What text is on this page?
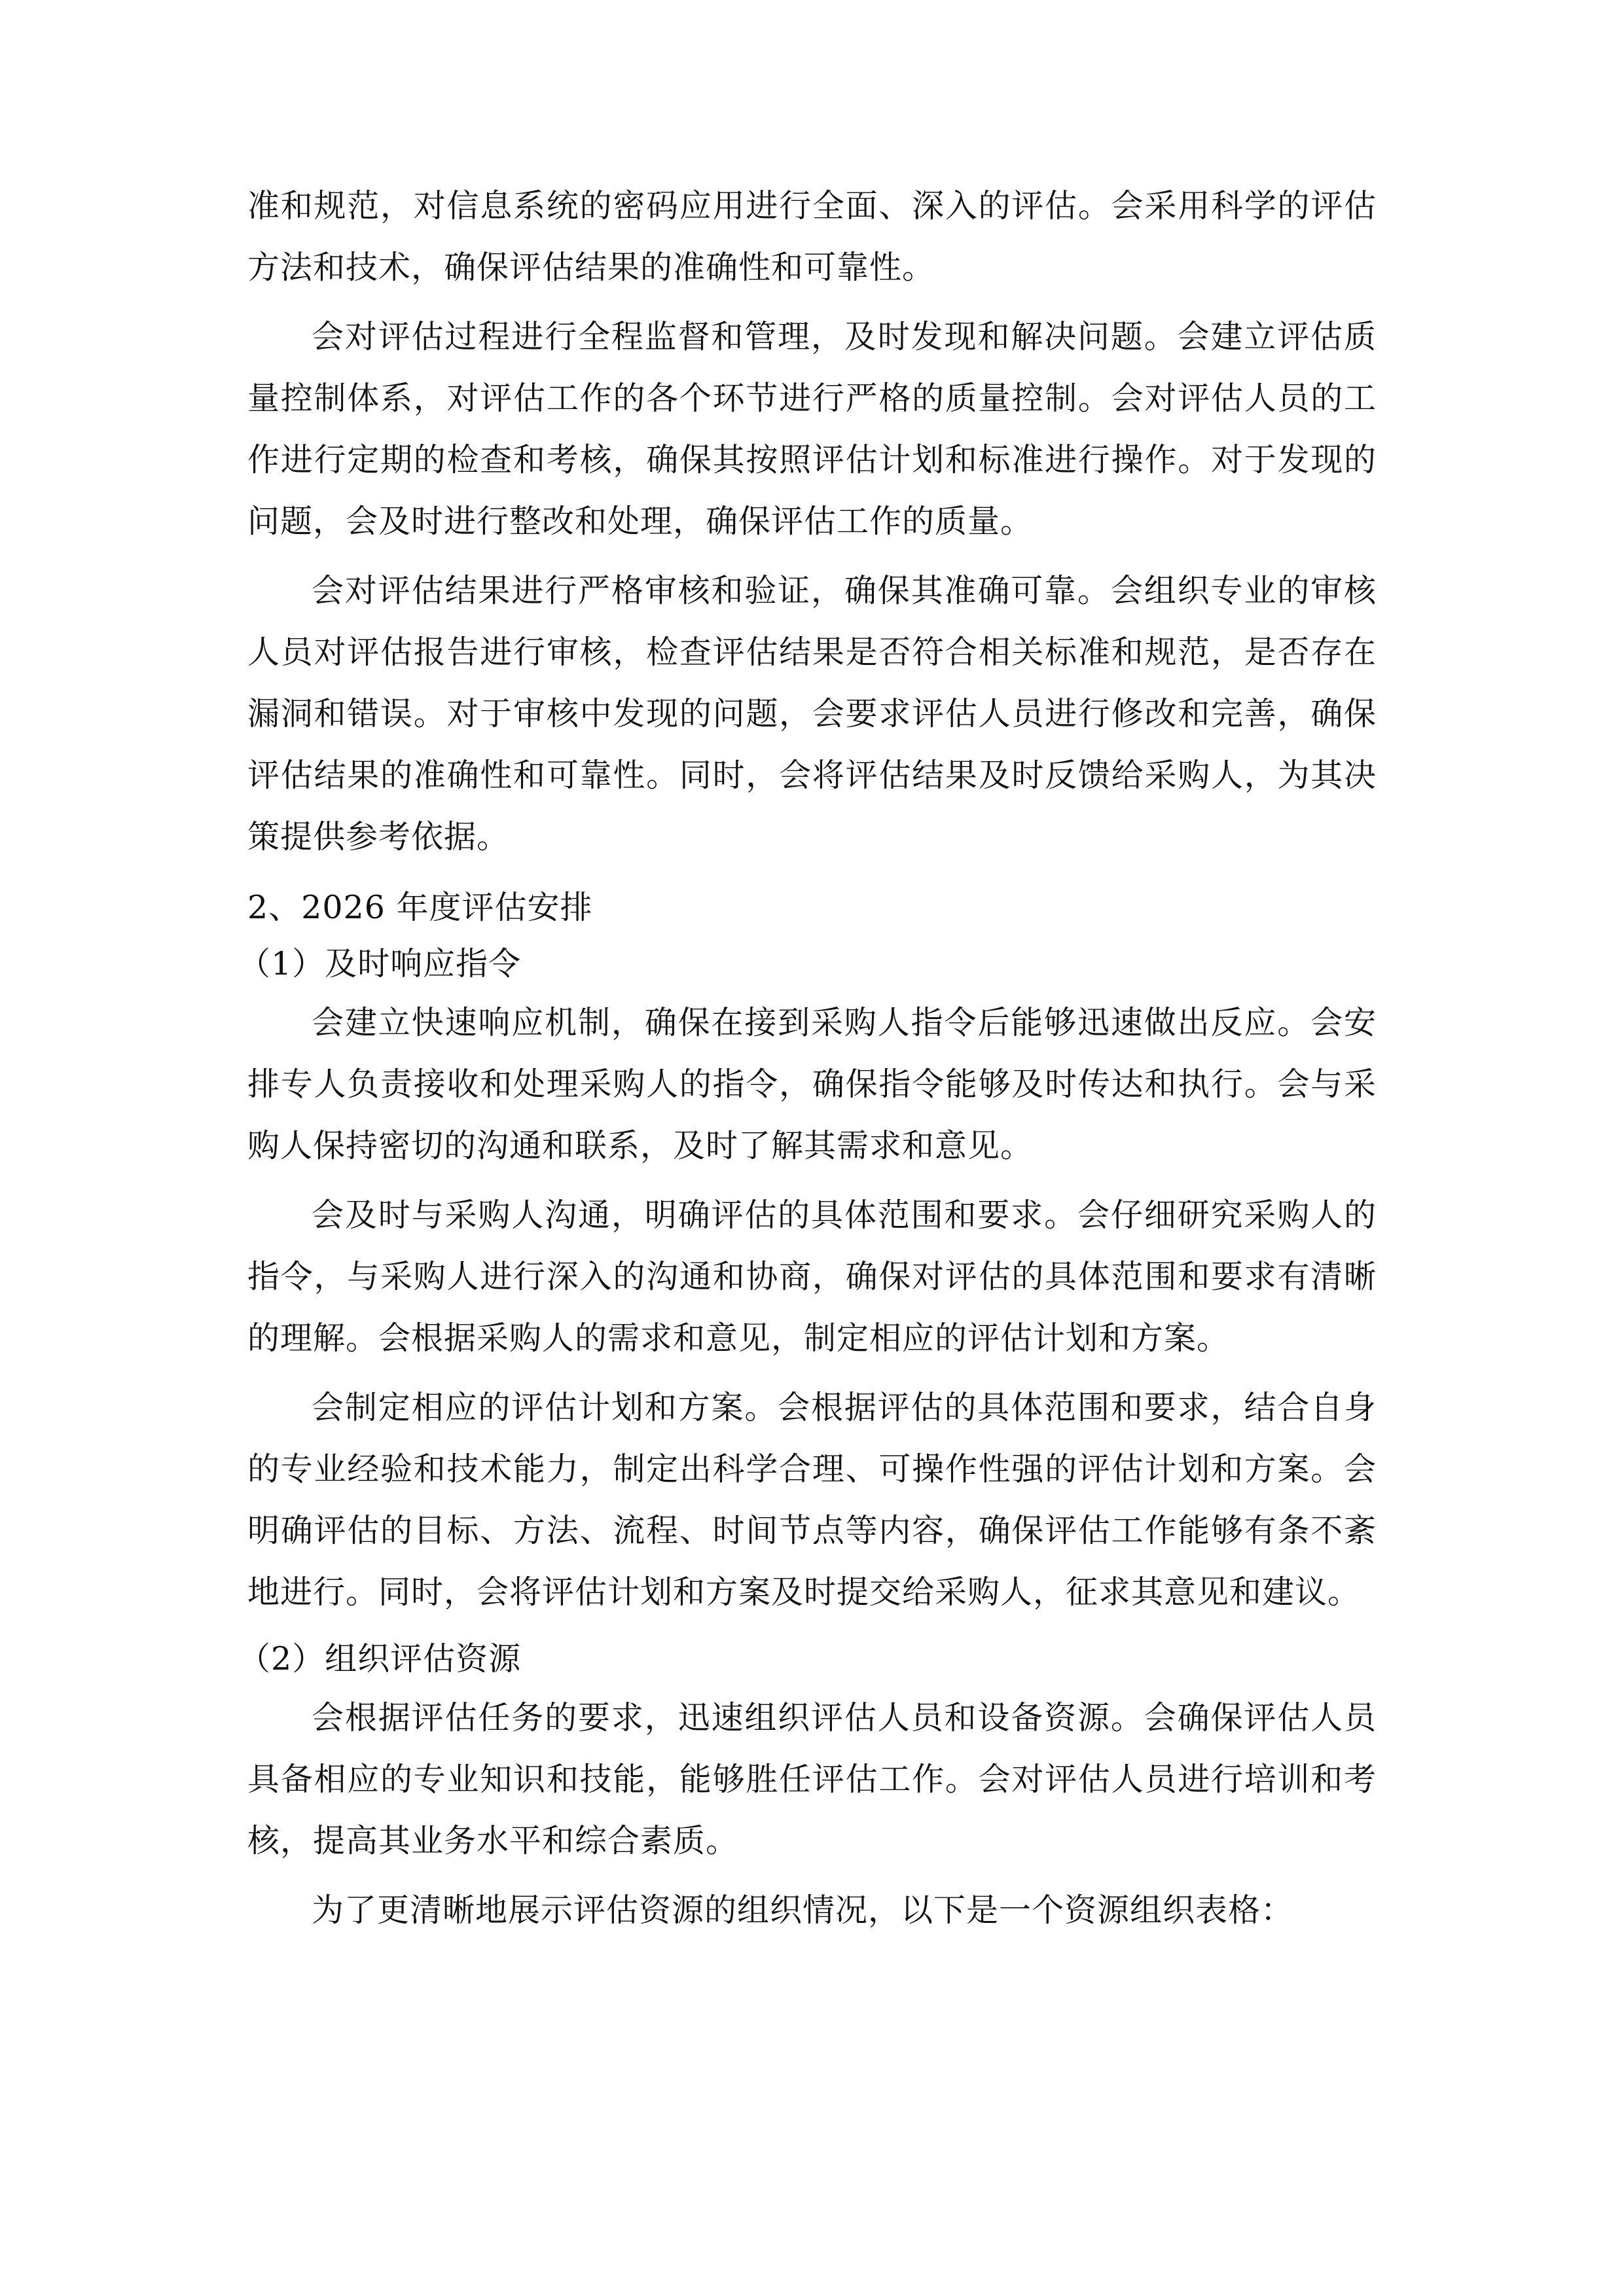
准和规范，对信息系统的密码应用进行全面、深入的评估。会采用科学的评估方法和技术，确保评估结果的准确性和可靠性。

会对评估过程进行全程监督和管理，及时发现和解决问题。会建立评估质量控制体系，对评估工作的各个环节进行严格的质量控制。会对评估人员的工作进行定期的检查和考核，确保其按照评估计划和标准进行操作。对于发现的问题，会及时进行整改和处理，确保评估工作的质量。

会对评估结果进行严格审核和验证，确保其准确可靠。会组织专业的审核人员对评估报告进行审核，检查评估结果是否符合相关标准和规范，是否存在漏洞和错误。对于审核中发现的问题，会要求评估人员进行修改和完善，确保评估结果的准确性和可靠性。同时，会将评估结果及时反馈给采购人，为其决策提供参考依据。

2、2026 年度评估安排

（1）及时响应指令

会建立快速响应机制，确保在接到采购人指令后能够迅速做出反应。会安排专人负责接收和处理采购人的指令，确保指令能够及时传达和执行。会与采购人保持密切的沟通和联系，及时了解其需求和意见。

会及时与采购人沟通，明确评估的具体范围和要求。会仔细研究采购人的指令，与采购人进行深入的沟通和协商，确保对评估的具体范围和要求有清晰的理解。会根据采购人的需求和意见，制定相应的评估计划和方案。

会制定相应的评估计划和方案。会根据评估的具体范围和要求，结合自身的专业经验和技术能力，制定出科学合理、可操作性强的评估计划和方案。会明确评估的目标、方法、流程、时间节点等内容，确保评估工作能够有条不紊地进行。同时，会将评估计划和方案及时提交给采购人，征求其意见和建议。

（2）组织评估资源

会根据评估任务的要求，迅速组织评估人员和设备资源。会确保评估人员具备相应的专业知识和技能，能够胜任评估工作。会对评估人员进行培训和考核，提高其业务水平和综合素质。

为了更清晰地展示评估资源的组织情况，以下是一个资源组织表格：
